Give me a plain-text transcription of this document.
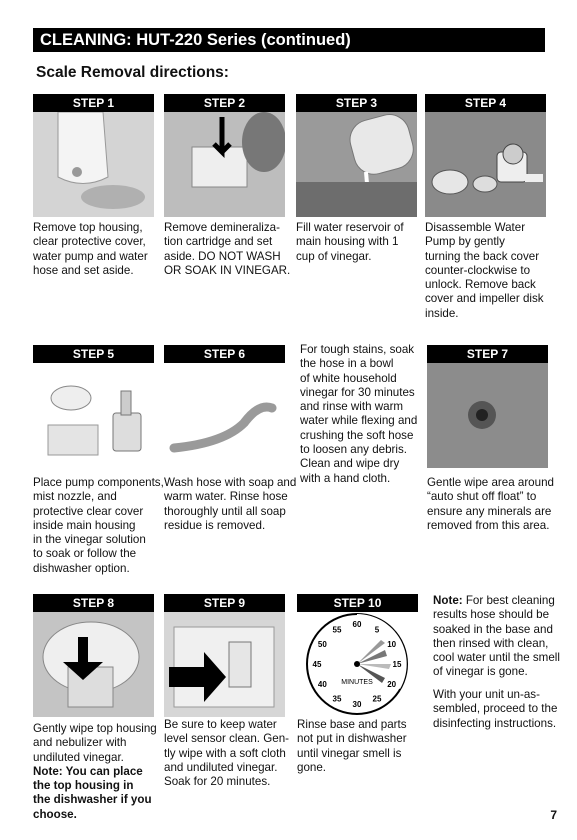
CLEANING: HUT-220 Series (continued)
Scale Removal directions:
STEP 1
Remove top housing,
clear protective cover,
water pump and water
hose and set aside.
STEP 2
Remove demineraliza-
tion cartridge and set
aside. DO NOT WASH
OR SOAK IN VINEGAR.
STEP 3
Fill water reservoir of
main housing with 1
cup of vinegar.
STEP 4
Disassemble Water
Pump by gently
turning the back cover
counter-clockwise to
unlock. Remove back
cover and impeller disk
inside.
STEP 5
Place pump components,
mist nozzle, and
protective clear cover
inside main housing
in the vinegar solution
to soak or follow the
dishwasher option.
STEP 6
Wash hose with soap and
warm water. Rinse hose
thoroughly until all soap
residue is removed.
For tough stains, soak
the hose in a bowl
of white household
vinegar for 30 minutes
and rinse with warm
water while flexing and
crushing the soft hose
to loosen any debris.
Clean and wipe dry
with a hand cloth.
STEP 7
Gentle wipe area around
“auto shut off float” to
ensure any minerals are
removed from this area.
STEP 8
Gently wipe top housing
and nebulizer with
undiluted vinegar.
Note: You can place
the top housing in
the dishwasher if you
choose.
STEP 9
Be sure to keep water
level sensor clean. Gen-
tly wipe with a soft cloth
and undiluted vinegar.
Soak for 20 minutes.
STEP 10
60
5
10
15
20
25
30
35
40
45
50
55
MINUTES
Rinse base and parts
not put in dishwasher
until vinegar smell is
gone.
Note: For best cleaning
results hose should be
soaked in the base and
then rinsed with clean,
cool water until the smell
of vinegar is gone.
With your unit un-as-
sembled, proceed to the
disinfecting instructions.
7
